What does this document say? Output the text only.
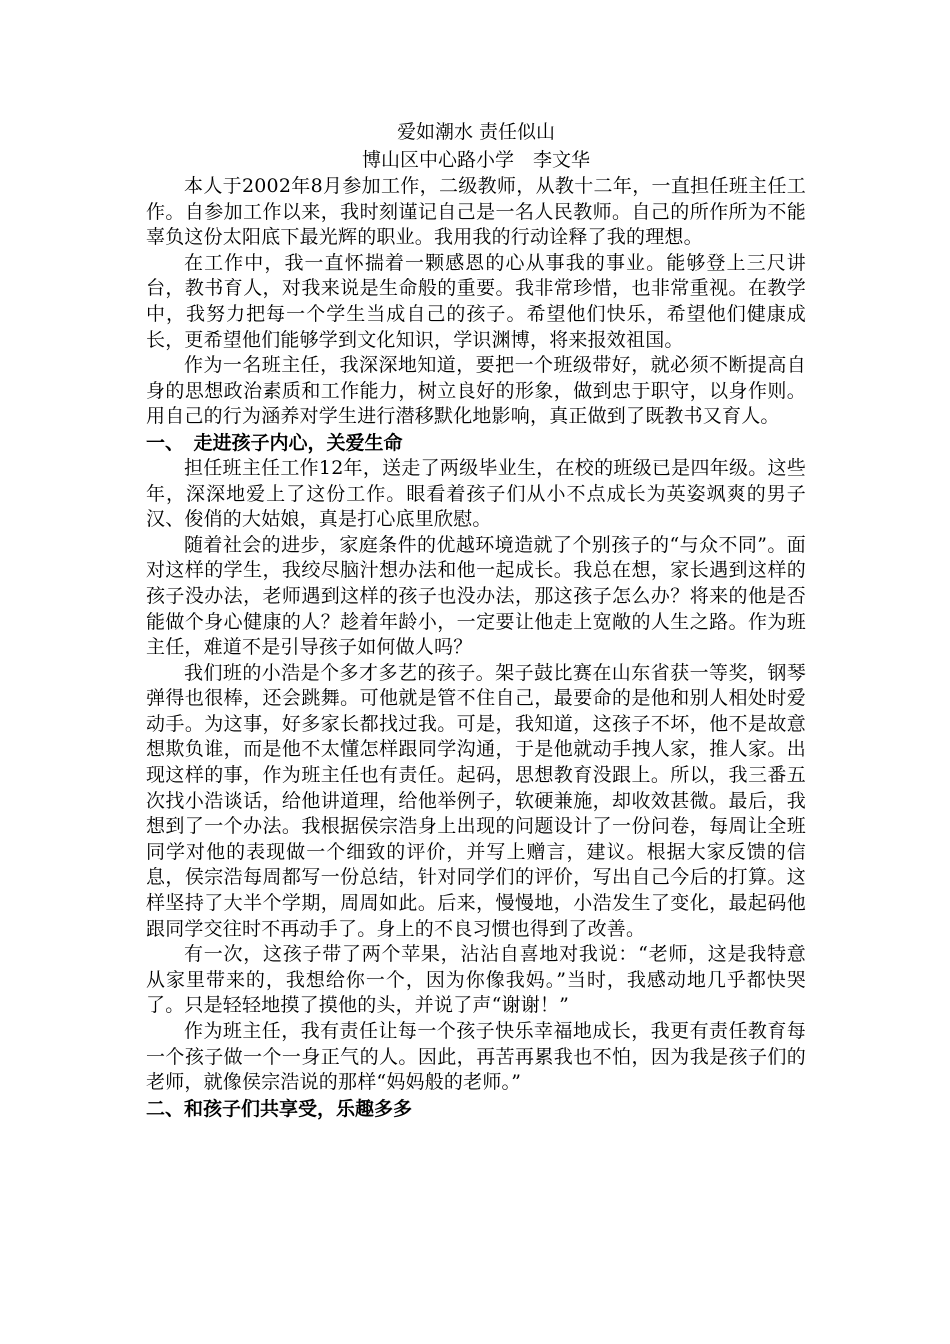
爱如潮水 责任似山
博山区中心路小学　李文华

本人于2002年8月参加工作，二级教师，从教十二年，一直担任班主任工作。自参加工作以来，我时刻谨记自己是一名人民教师。自己的所作所为不能辜负这份太阳底下最光辉的职业。我用我的行动诠释了我的理想。

在工作中，我一直怀揣着一颗感恩的心从事我的事业。能够登上三尺讲台，教书育人，对我来说是生命般的重要。我非常珍惜，也非常重视。在教学中，我努力把每一个学生当成自己的孩子。希望他们快乐，希望他们健康成长，更希望他们能够学到文化知识，学识渊博，将来报效祖国。

作为一名班主任，我深深地知道，要把一个班级带好，就必须不断提高自身的思想政治素质和工作能力，树立良好的形象，做到忠于职守，以身作则。用自己的行为涵养对学生进行潜移默化地影响，真正做到了既教书又育人。

一、　走进孩子内心，关爱生命

担任班主任工作12年，送走了两级毕业生，在校的班级已是四年级。这些年，深深地爱上了这份工作。眼看着孩子们从小不点成长为英姿飒爽的男子汉、俊俏的大姑娘，真是打心底里欣慰。

随着社会的进步，家庭条件的优越环境造就了个别孩子的“与众不同”。面对这样的学生，我绞尽脑汁想办法和他一起成长。我总在想，家长遇到这样的孩子没办法，老师遇到这样的孩子也没办法，那这孩子怎么办？将来的他是否能做个身心健康的人？趁着年龄小，一定要让他走上宽敞的人生之路。作为班主任，难道不是引导孩子如何做人吗？

我们班的小浩是个多才多艺的孩子。架子鼓比赛在山东省获一等奖，钢琴弹得也很棒，还会跳舞。可他就是管不住自己，最要命的是他和别人相处时爱动手。为这事，好多家长都找过我。可是，我知道，这孩子不坏，他不是故意想欺负谁，而是他不太懂怎样跟同学沟通，于是他就动手拽人家，推人家。出现这样的事，作为班主任也有责任。起码，思想教育没跟上。所以，我三番五次找小浩谈话，给他讲道理，给他举例子，软硬兼施，却收效甚微。最后，我想到了一个办法。我根据侯宗浩身上出现的问题设计了一份问卷，每周让全班同学对他的表现做一个细致的评价，并写上赠言，建议。根据大家反馈的信息，侯宗浩每周都写一份总结，针对同学们的评价，写出自己今后的打算。这样坚持了大半个学期，周周如此。后来，慢慢地，小浩发生了变化，最起码他跟同学交往时不再动手了。身上的不良习惯也得到了改善。

有一次，这孩子带了两个苹果，沾沾自喜地对我说：“老师，这是我特意从家里带来的，我想给你一个，因为你像我妈。”当时，我感动地几乎都快哭了。只是轻轻地摸了摸他的头，并说了声“谢谢！”

作为班主任，我有责任让每一个孩子快乐幸福地成长，我更有责任教育每一个孩子做一个一身正气的人。因此，再苦再累我也不怕，因为我是孩子们的老师，就像侯宗浩说的那样“妈妈般的老师。”

二、和孩子们共享受，乐趣多多
